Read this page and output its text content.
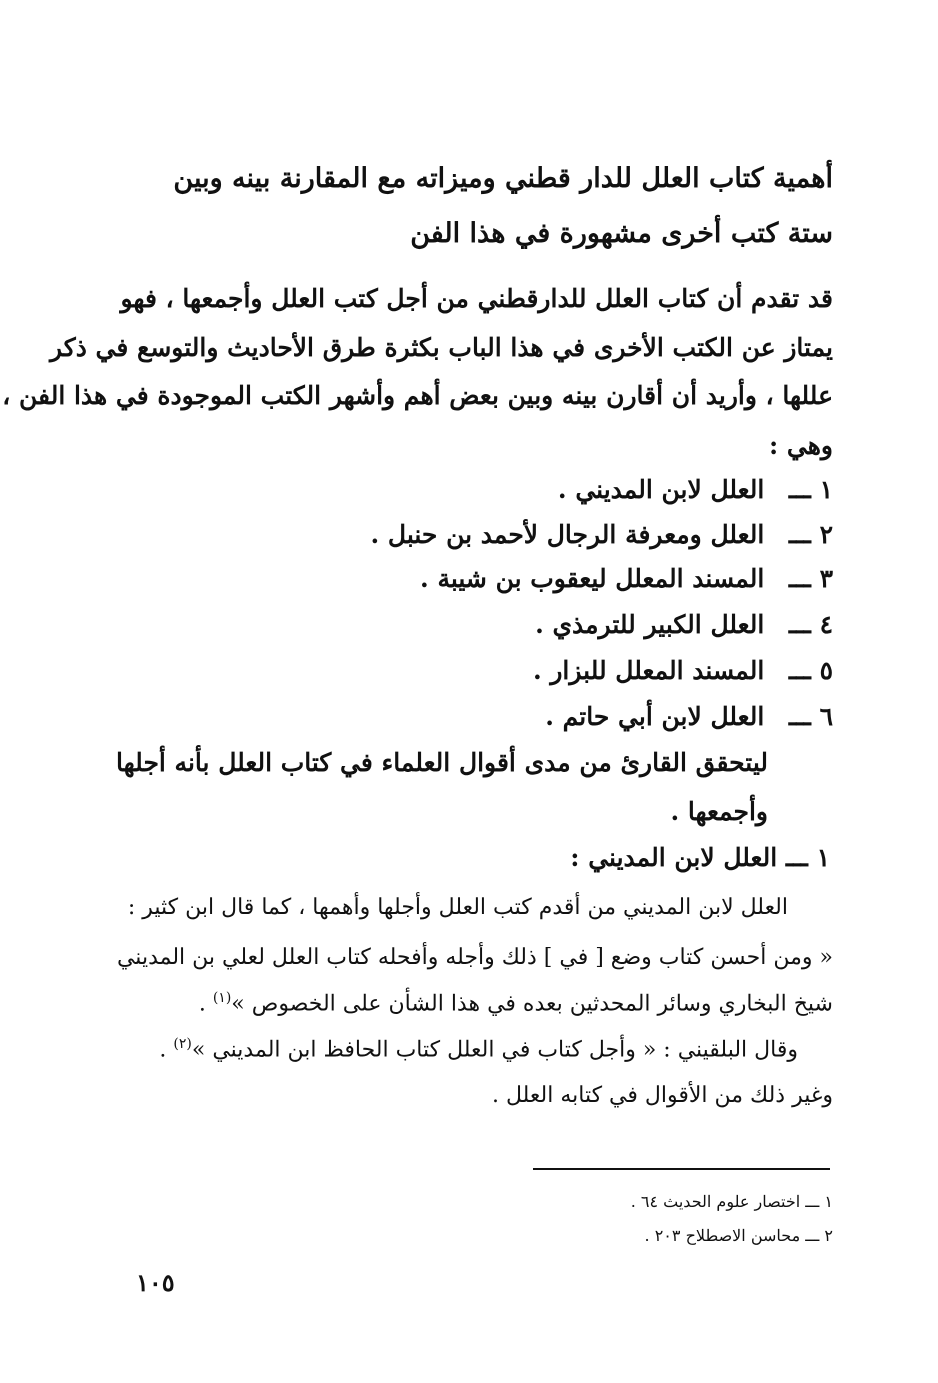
أهمية كتاب العلل للدار قطني وميزاته مع المقارنة بينه وبين
ستة كتب أخرى مشهورة في هذا الفن
قد تقدم أن كتاب العلل للدارقطني من أجل كتب العلل وأجمعها ، فهو
يمتاز عن الكتب الأخرى في هذا الباب بكثرة طرق الأحاديث والتوسع في ذكر
عللها ، وأريد أن أقارن بينه وبين بعض أهم وأشهر الكتب الموجودة في هذا الفن ،
وهي :
١ ـــ العلل لابن المديني .
٢ ـــ العلل ومعرفة الرجال لأحمد بن حنبل .
٣ ـــ المسند المعلل ليعقوب بن شيبة .
٤ ـــ العلل الكبير للترمذي .
٥ ـــ المسند المعلل للبزار .
٦ ـــ العلل لابن أبي حاتم .
ليتحقق القارئ من مدى أقوال العلماء في كتاب العلل بأنه أجلها
وأجمعها .
١ ـــ العلل لابن المديني :
العلل لابن المديني من أقدم كتب العلل وأجلها وأهمها ، كما قال ابن كثير :
« ومن أحسن كتاب وضع [ في ] ذلك وأجله وأفحله كتاب العلل لعلي بن المديني
شيخ البخاري وسائر المحدثين بعده في هذا الشأن على الخصوص »$^{(١)}$ .
وقال البلقيني : « وأجل كتاب في العلل كتاب الحافظ ابن المديني »$^{(٢)}$ .
وغير ذلك من الأقوال في كتابه العلل .
١ ـــ اختصار علوم الحديث ٦٤ .
٢ ـــ محاسن الاصطلاح ٢٠٣ .
١٠٥
